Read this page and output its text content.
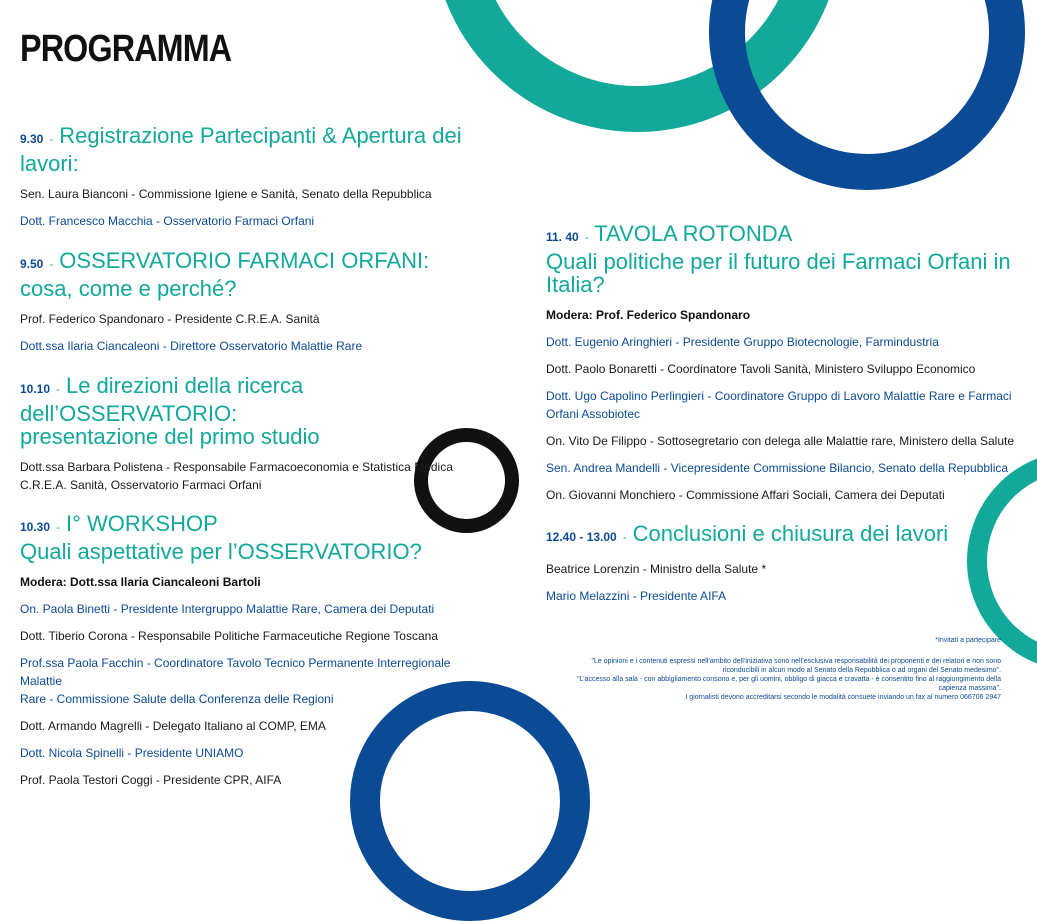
PROGRAMMA
9.30 - Registrazione Partecipanti & Apertura dei lavori:

Sen. Laura Bianconi - Commissione Igiene e Sanità, Senato della Repubblica

Dott. Francesco Macchia - Osservatorio Farmaci Orfani

9.50 - OSSERVATORIO FARMACI ORFANI:
cosa, come e perché?

Prof. Federico Spandonaro - Presidente C.R.E.A. Sanità

Dott.ssa Ilaria Ciancaleoni - Direttore Osservatorio Malattie Rare

10.10 - Le direzioni della ricerca dell’OSSERVATORIO:
presentazione del primo studio

Dott.ssa Barbara Polistena - Responsabile Farmacoeconomia e Statistica Medica

C.R.E.A. Sanità, Osservatorio Farmaci Orfani

10.30 - I° WORKSHOP
Quali aspettative per l’OSSERVATORIO?

Modera: Dott.ssa Ilaria Ciancaleoni Bartoli

On. Paola Binetti - Presidente Intergruppo Malattie Rare, Camera dei Deputati

Dott. Tiberio Corona - Responsabile Politiche Farmaceutiche Regione Toscana

Prof.ssa Paola Facchin - Coordinatore Tavolo Tecnico Permanente Interregionale Malattie

Rare - Commissione Salute della Conferenza delle Regioni

Dott. Armando Magrelli - Delegato Italiano al COMP, EMA

Dott. Nicola Spinelli - Presidente UNIAMO

Prof. Paola Testori Coggi - Presidente CPR, AIFA

11. 40 - TAVOLA ROTONDA
Quali politiche per il futuro dei Farmaci Orfani in Italia?

Modera: Prof. Federico Spandonaro

Dott. Eugenio Aringhieri - Presidente Gruppo Biotecnologie, Farmindustria

Dott. Paolo Bonaretti - Coordinatore Tavoli Sanità, Ministero Sviluppo Economico

Dott. Ugo Capolino Perlingieri - Coordinatore Gruppo di Lavoro Malattie Rare e Farmaci

Orfani Assobiotec

On. Vito De Filippo - Sottosegretario con delega alle Malattie rare, Ministero della Salute

Sen. Andrea Mandelli - Vicepresidente Commissione Bilancio, Senato della Repubblica

On. Giovanni Monchiero - Commissione Affari Sociali, Camera dei Deputati

12.40 - 13.00 - Conclusioni e chiusura dei lavori

Beatrice Lorenzin - Ministro della Salute *

Mario Melazzini - Presidente AIFA

*Invitati a partecipare
"Le opinioni e i contenuti espressi nell’ambito dell’iniziativa sono nell’esclusiva responsabilità dei proponenti e dei relatori e non sono
riconducibili in alcun modo al Senato della Repubblica o ad organi del Senato medesimo".
"L’accesso alla sala - con abbigliamento consono e, per gli uomini, obbligo di giacca e cravatta - è consentito fino al raggiungimento della
capienza massima".
I giornalisti devono accreditarsi secondo le modalità consuete inviando un fax al numero 066706 2947
